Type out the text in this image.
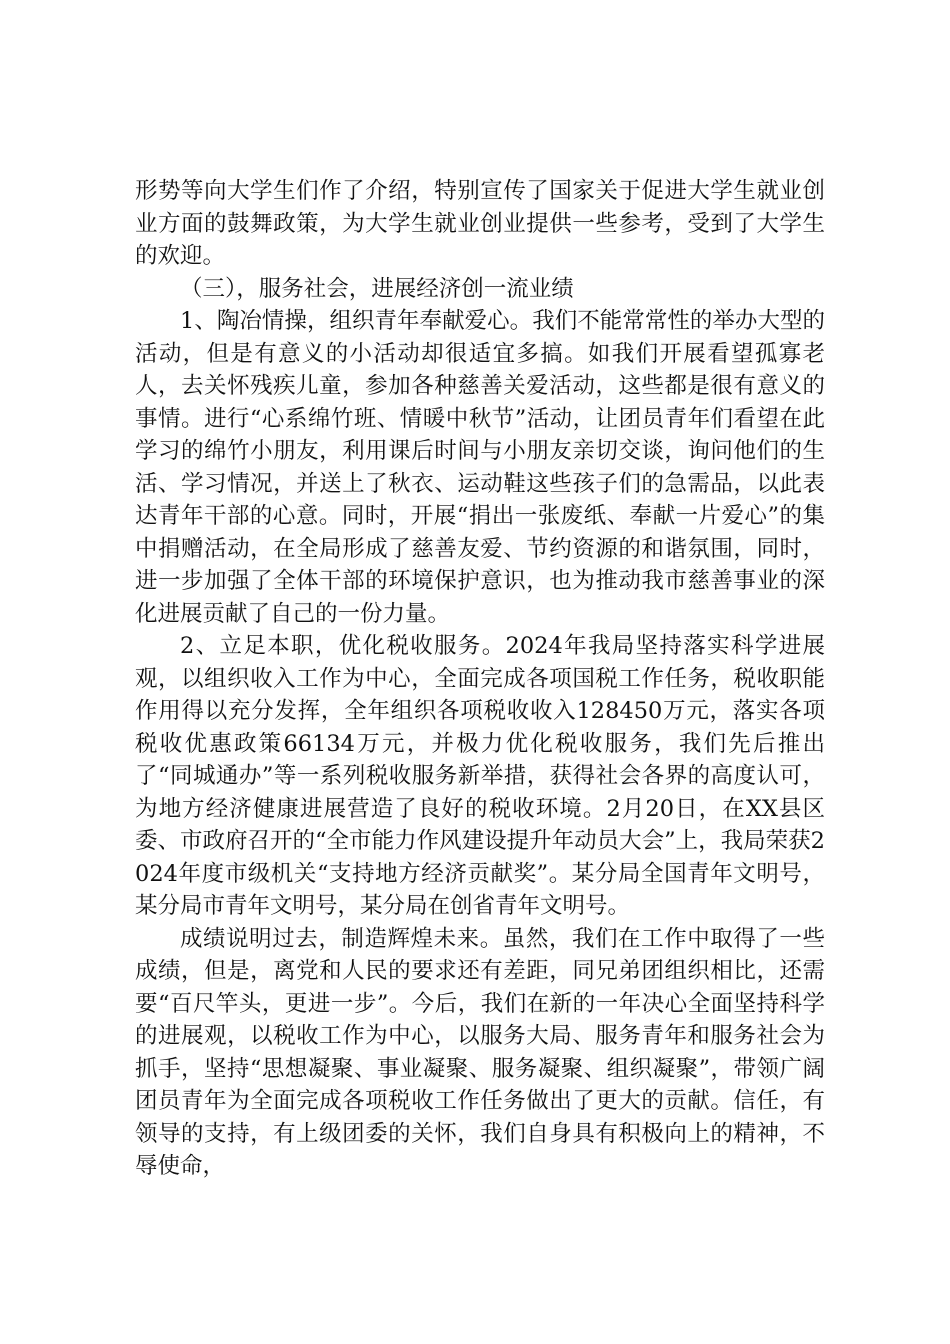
形势等向大学生们作了介绍，特别宣传了国家关于促进大学生就业创业方面的鼓舞政策，为大学生就业创业提供一些参考，受到了大学生的欢迎。

（三），服务社会，进展经济创一流业绩

1、陶冶情操，组织青年奉献爱心。我们不能常常性的举办大型的活动，但是有意义的小活动却很适宜多搞。如我们开展看望孤寡老人，去关怀残疾儿童，参加各种慈善关爱活动，这些都是很有意义的事情。进行“心系绵竹班、情暖中秋节”活动，让团员青年们看望在此学习的绵竹小朋友，利用课后时间与小朋友亲切交谈，询问他们的生活、学习情况，并送上了秋衣、运动鞋这些孩子们的急需品，以此表达青年干部的心意。同时，开展“捐出一张废纸、奉献一片爱心”的集中捐赠活动，在全局形成了慈善友爱、节约资源的和谐氛围，同时，进一步加强了全体干部的环境保护意识，也为推动我市慈善事业的深化进展贡献了自己的一份力量。

2、立足本职，优化税收服务。2024年我局坚持落实科学进展观，以组织收入工作为中心，全面完成各项国税工作任务，税收职能作用得以充分发挥，全年组织各项税收收入128450万元，落实各项税收优惠政策66134万元，并极力优化税收服务，我们先后推出了“同城通办”等一系列税收服务新举措，获得社会各界的高度认可，为地方经济健康进展营造了良好的税收环境。2月20日，在XX县区委、市政府召开的“全市能力作风建设提升年动员大会”上，我局荣获2024年度市级机关“支持地方经济贡献奖”。某分局全国青年文明号，某分局市青年文明号，某分局在创省青年文明号。

成绩说明过去，制造辉煌未来。虽然，我们在工作中取得了一些成绩，但是，离党和人民的要求还有差距，同兄弟团组织相比，还需要“百尺竿头，更进一步”。今后，我们在新的一年决心全面坚持科学的进展观，以税收工作为中心，以服务大局、服务青年和服务社会为抓手，坚持“思想凝聚、事业凝聚、服务凝聚、组织凝聚”，带领广阔团员青年为全面完成各项税收工作任务做出了更大的贡献。信任，有领导的支持，有上级团委的关怀，我们自身具有积极向上的精神，不辱使命，
